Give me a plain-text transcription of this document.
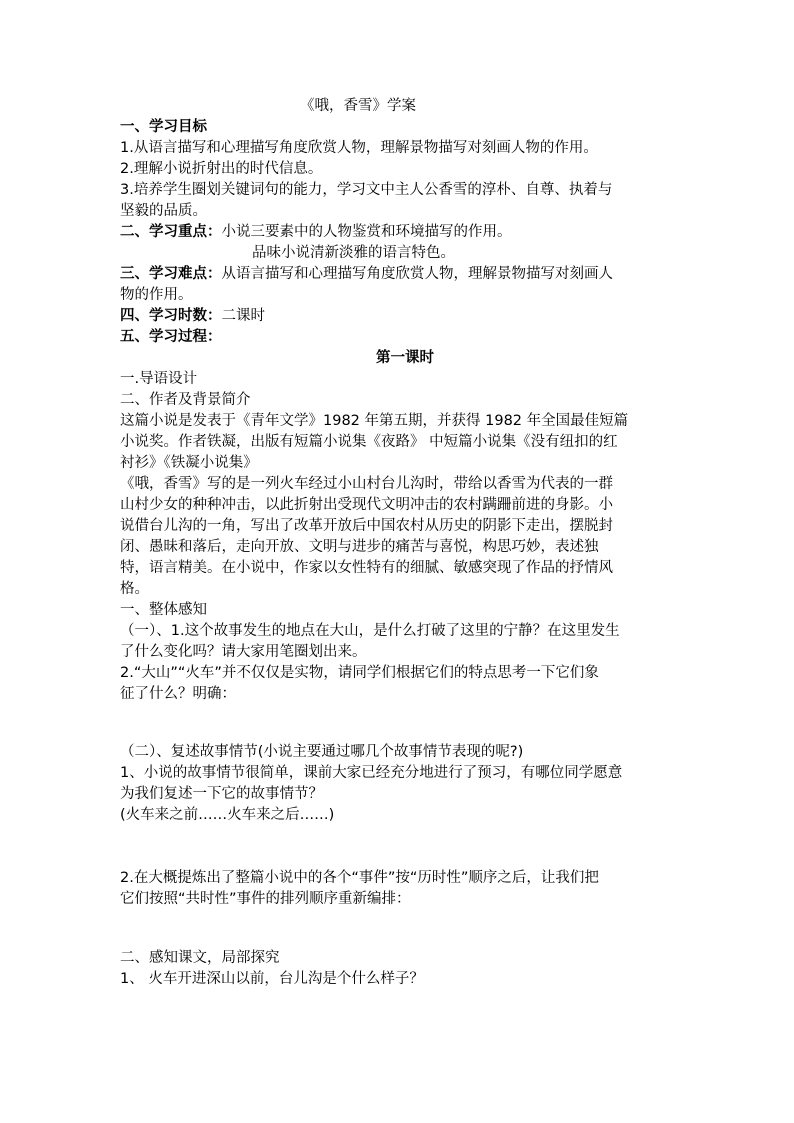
《哦，香雪》学案
一、学习目标
1.从语言描写和心理描写角度欣赏人物，理解景物描写对刻画人物的作用。
2.理解小说折射出的时代信息。
3.培养学生圈划关键词句的能力，学习文中主人公香雪的淳朴、自尊、执着与
坚毅的品质。
二、学习重点：小说三要素中的人物鉴赏和环境描写的作用。
品味小说清新淡雅的语言特色。
三、学习难点：从语言描写和心理描写角度欣赏人物，理解景物描写对刻画人
物的作用。
四、学习时数：二课时
五、学习过程：
第一课时
一.导语设计
二、作者及背景简介
这篇小说是发表于《青年文学》1982 年第五期，并获得 1982 年全国最佳短篇
小说奖。作者铁凝，出版有短篇小说集《夜路》 中短篇小说集《没有纽扣的红
衬衫》《铁凝小说集》
《哦，香雪》写的是一列火车经过小山村台儿沟时，带给以香雪为代表的一群
山村少女的种种冲击，以此折射出受现代文明冲击的农村蹒跚前进的身影。小
说借台儿沟的一角，写出了改革开放后中国农村从历史的阴影下走出，摆脱封
闭、愚昧和落后，走向开放、文明与进步的痛苦与喜悦，构思巧妙，表述独
特，语言精美。在小说中，作家以女性特有的细腻、敏感突现了作品的抒情风
格。
一、整体感知
（一）、1.这个故事发生的地点在大山，是什么打破了这里的宁静？在这里发生
了什么变化吗？请大家用笔圈划出来。
2.“大山”“火车”并不仅仅是实物，请同学们根据它们的特点思考一下它们象
征了什么？明确：
（二）、复述故事情节(小说主要通过哪几个故事情节表现的呢?)
1、小说的故事情节很简单，课前大家已经充分地进行了预习，有哪位同学愿意
为我们复述一下它的故事情节？
(火车来之前……火车来之后……)
2.在大概提炼出了整篇小说中的各个“事件”按“历时性”顺序之后，让我们把
它们按照“共时性”事件的排列顺序重新编排：
二、感知课文，局部探究
1、 火车开进深山以前，台儿沟是个什么样子？
